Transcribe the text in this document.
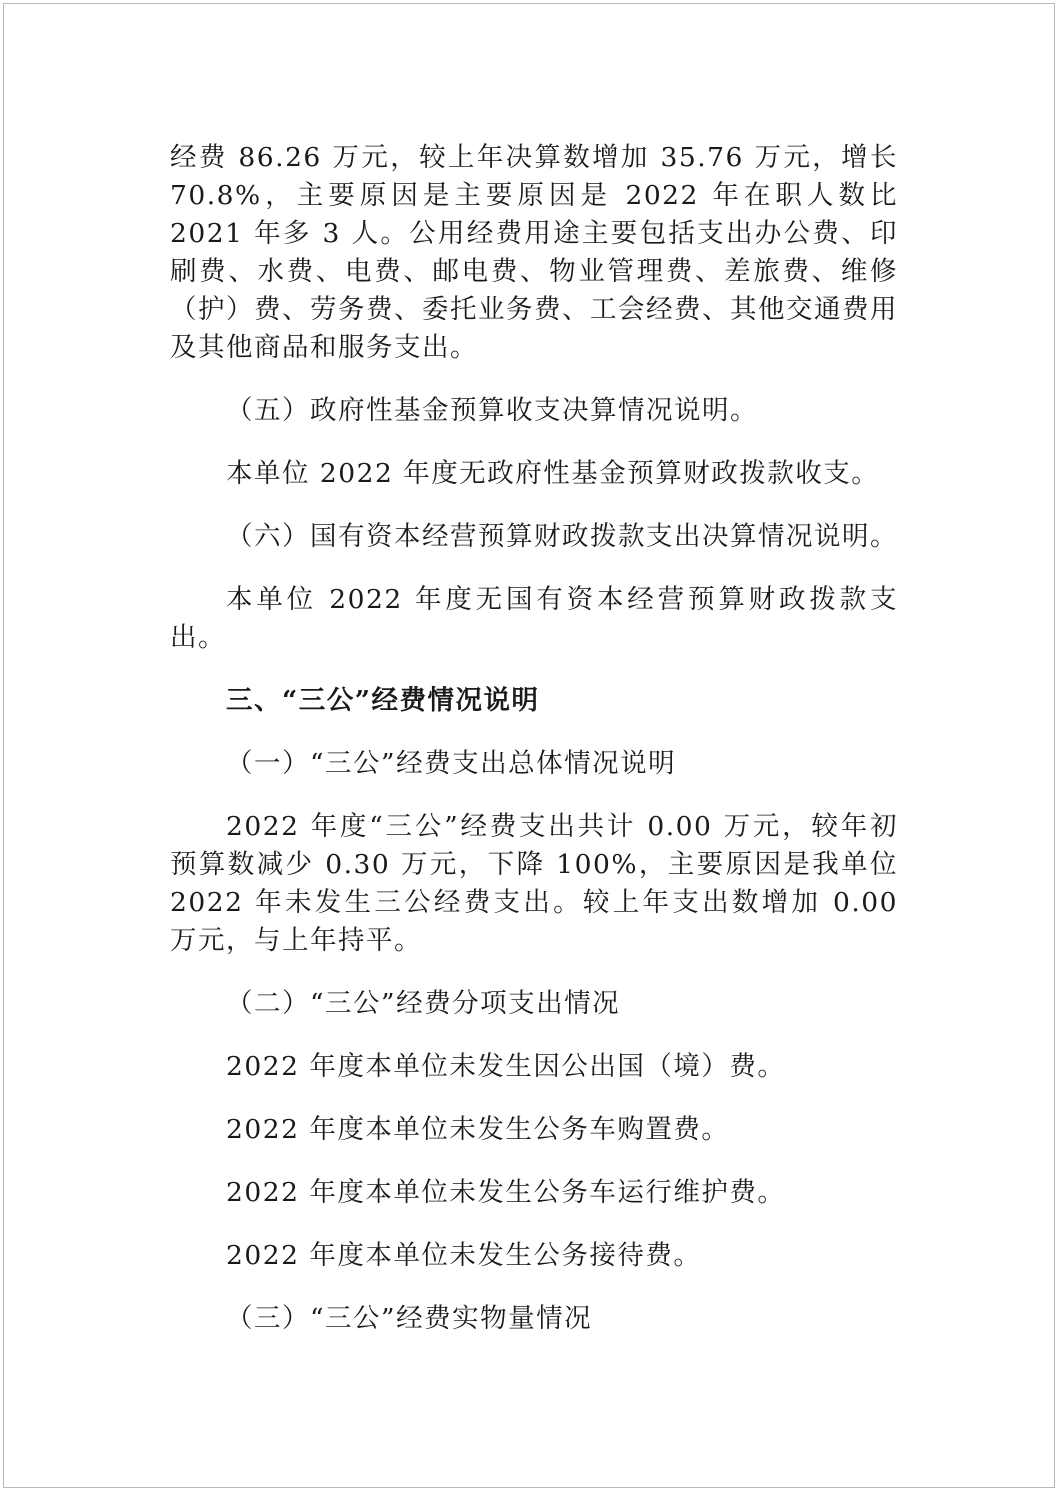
经费 86.26 万元，较上年决算数增加 35.76 万元，增长 70.8%，主要原因是主要原因是 2022 年在职人数比 2021 年多 3 人。公用经费用途主要包括支出办公费、印刷费、水费、电费、邮电费、物业管理费、差旅费、维修（护）费、劳务费、委托业务费、工会经费、其他交通费用及其他商品和服务支出。

（五）政府性基金预算收支决算情况说明。

本单位 2022 年度无政府性基金预算财政拨款收支。

（六）国有资本经营预算财政拨款支出决算情况说明。

本单位 2022 年度无国有资本经营预算财政拨款支出。

三、“三公”经费情况说明

（一）“三公”经费支出总体情况说明

2022 年度“三公”经费支出共计 0.00 万元，较年初预算数减少 0.30 万元，下降 100%，主要原因是我单位 2022 年未发生三公经费支出。较上年支出数增加 0.00 万元，与上年持平。

（二）“三公”经费分项支出情况

2022 年度本单位未发生因公出国（境）费。

2022 年度本单位未发生公务车购置费。

2022 年度本单位未发生公务车运行维护费。

2022 年度本单位未发生公务接待费。

（三）“三公”经费实物量情况
